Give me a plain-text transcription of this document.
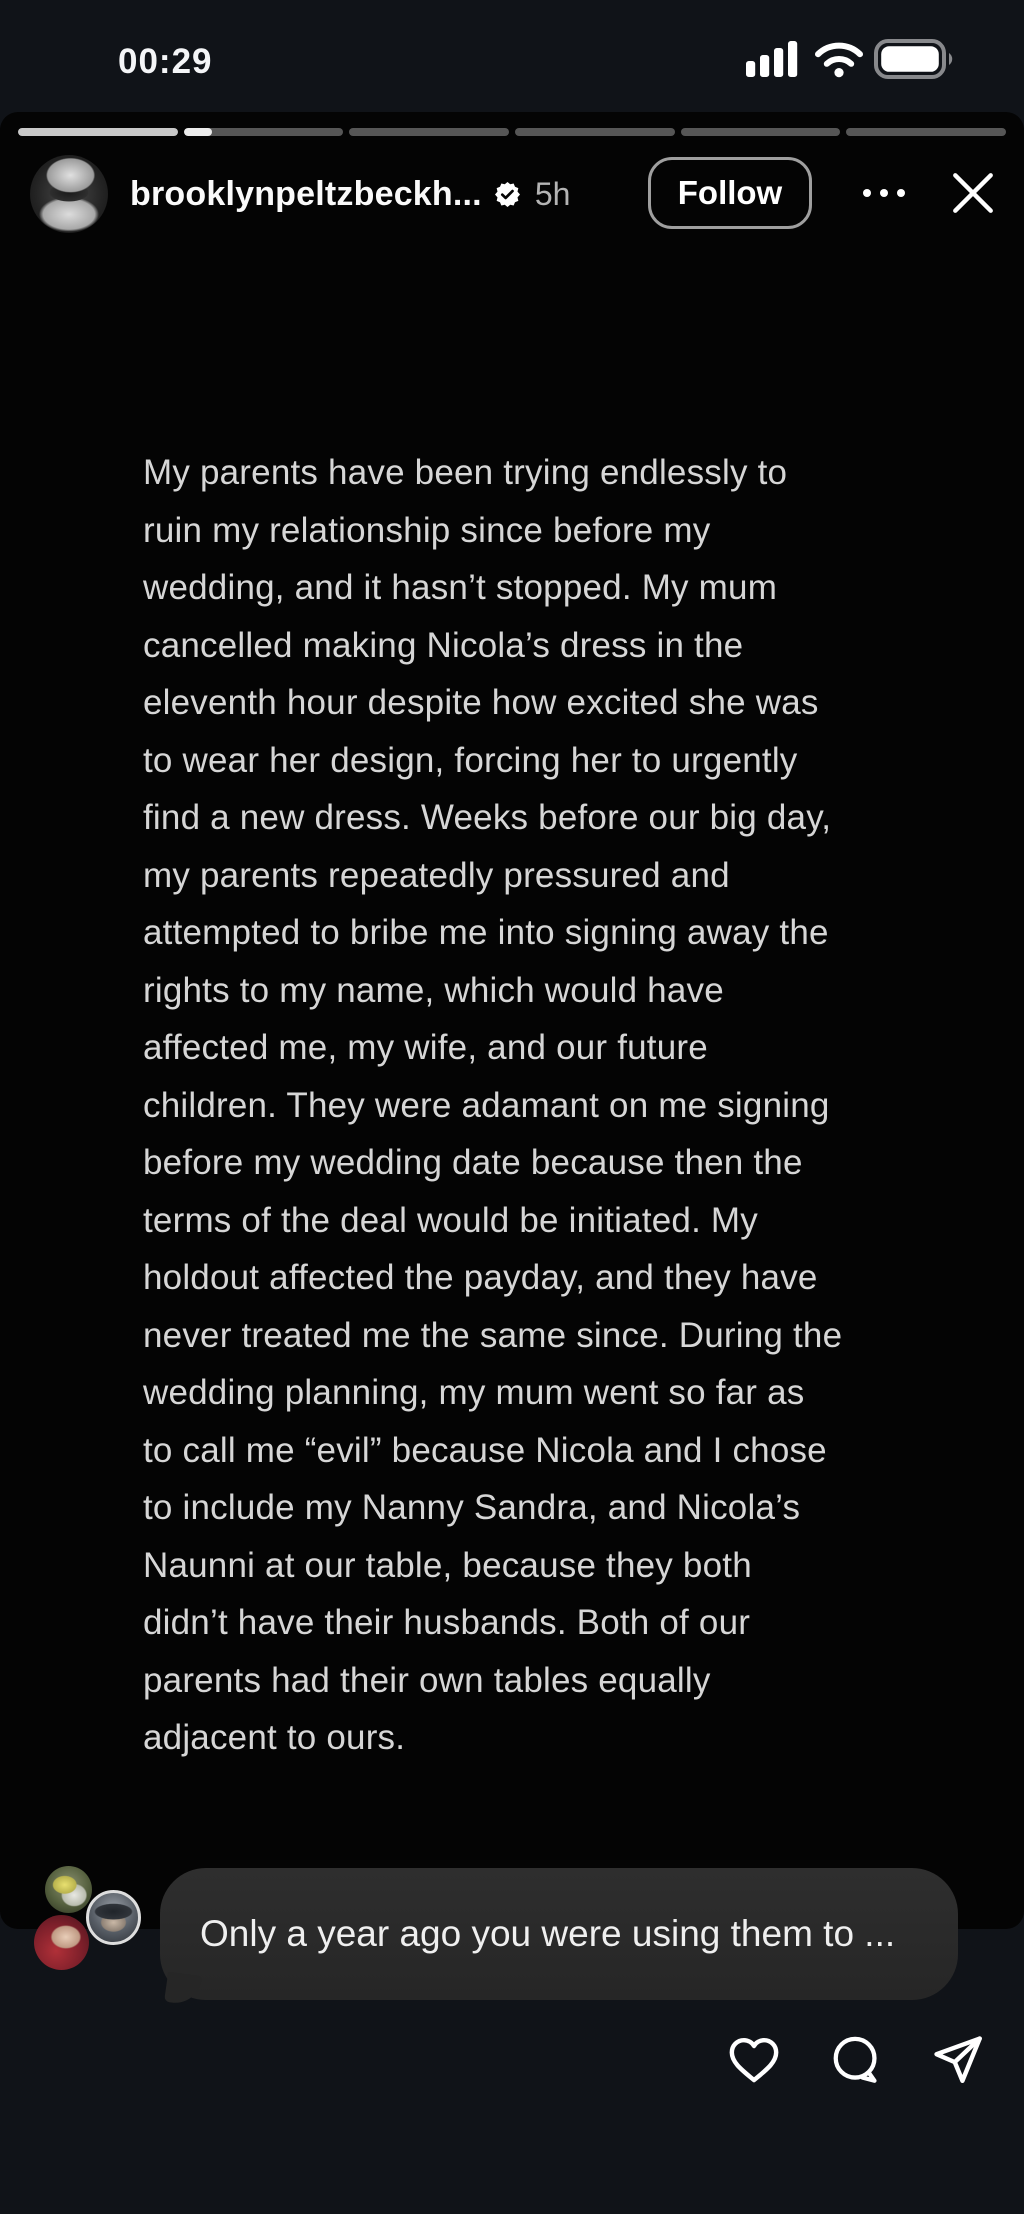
00:29
brooklynpeltzbeckh... 5h	Follow
My parents have been trying endlessly to
ruin my relationship since before my
wedding, and it hasn’t stopped. My mum
cancelled making Nicola’s dress in the
eleventh hour despite how excited she was
to wear her design, forcing her to urgently
find a new dress. Weeks before our big day,
my parents repeatedly pressured and
attempted to bribe me into signing away the
rights to my name, which would have
affected me, my wife, and our future
children. They were adamant on me signing
before my wedding date because then the
terms of the deal would be initiated. My
holdout affected the payday, and they have
never treated me the same since. During the
wedding planning, my mum went so far as
to call me “evil” because Nicola and I chose
to include my Nanny Sandra, and Nicola’s
Naunni at our table, because they both
didn’t have their husbands. Both of our
parents had their own tables equally
adjacent to ours.
Only a year ago you were using them to ...
